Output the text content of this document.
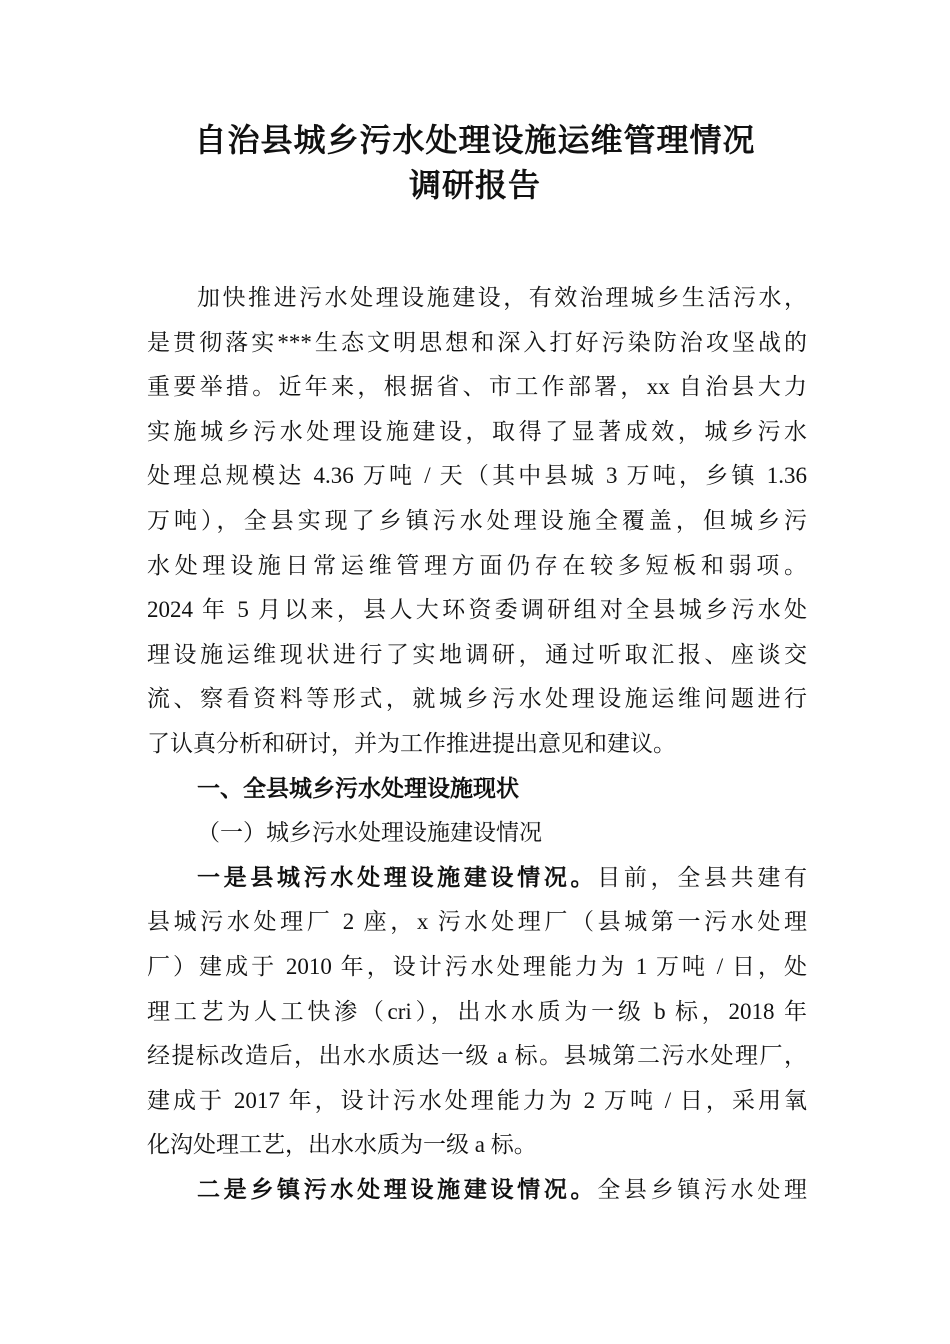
自治县城乡污水处理设施运维管理情况
调研报告
加快推进污水处理设施建设，有效治理城乡生活污水，
是贯彻落实***生态文明思想和深入打好污染防治攻坚战的
重要举措。近年来，根据省、市工作部署，xx 自治县大力
实施城乡污水处理设施建设，取得了显著成效，城乡污水
处理总规模达 4.36 万吨 / 天（其中县城 3 万吨，乡镇 1.36
万吨），全县实现了乡镇污水处理设施全覆盖，但城乡污
水处理设施日常运维管理方面仍存在较多短板和弱项。
2024 年 5 月以来，县人大环资委调研组对全县城乡污水处
理设施运维现状进行了实地调研，通过听取汇报、座谈交
流、察看资料等形式，就城乡污水处理设施运维问题进行
了认真分析和研讨，并为工作推进提出意见和建议。
一、全县城乡污水处理设施现状
（一）城乡污水处理设施建设情况
一是县城污水处理设施建设情况。目前，全县共建有
县城污水处理厂 2 座，x 污水处理厂（县城第一污水处理
厂）建成于 2010 年，设计污水处理能力为 1 万吨 / 日，处
理工艺为人工快渗（cri），出水水质为一级 b 标，2018 年
经提标改造后，出水水质达一级 a 标。县城第二污水处理厂，
建成于 2017 年，设计污水处理能力为 2 万吨 / 日，采用氧
化沟处理工艺，出水水质为一级 a 标。
二是乡镇污水处理设施建设情况。全县乡镇污水处理
